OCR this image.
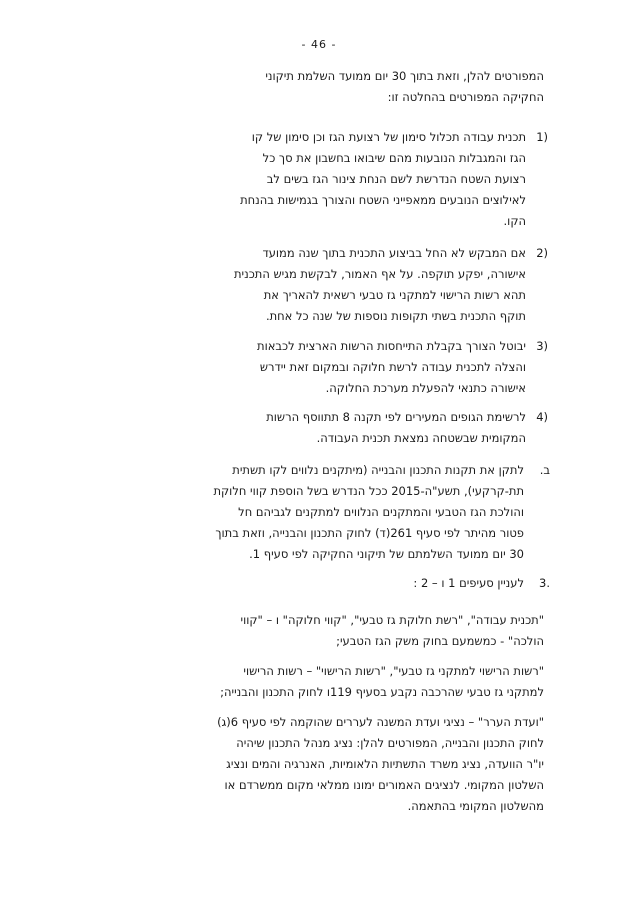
- 46 -
המפורטים להלן, וזאת בתוך 30 יום ממועד השלמת תיקוני
החקיקה המפורטים בהחלטה זו:
1)
תכנית עבודה תכלול סימון של רצועת הגז וכן סימון של קו
הגז והמגבלות הנובעות מהם שיבואו בחשבון את סך כל
רצועת השטח הנדרשת לשם הנחת צינור הגז בשים לב
לאילוצים הנובעים ממאפייני השטח והצורך בגמישות בהנחת
הקו.
2)
אם המבקש לא החל בביצוע התכנית בתוך שנה ממועד
אישורה, יפקע תוקפה. על אף האמור, לבקשת מגיש התכנית
תהא רשות הרישוי למתקני גז טבעי רשאית להאריך את
תוקף התכנית בשתי תקופות נוספות של שנה כל אחת.
3)
יבוטל הצורך בקבלת התייחסות הרשות הארצית לכבאות
והצלה לתכנית עבודה לרשת חלוקה ובמקום זאת יידרש
אישורה כתנאי להפעלת מערכת החלוקה.
4)
לרשימת הגופים המעירים לפי תקנה 8 תתווסף הרשות
המקומית שבשטחה נמצאת תכנית העבודה.
ב.
לתקן את תקנות התכנון והבנייה (מיתקנים נלווים לקו תשתית
תת-קרקעי), תשע"ה-2015 ככל הנדרש בשל הוספת קווי חלוקת
והולכת הגז הטבעי והמתקנים הנלווים למתקנים לגביהם חל
פטור מהיתר לפי סעיף 261(ד) לחוק התכנון והבנייה, וזאת בתוך
30 יום ממועד השלמתם של תיקוני החקיקה לפי סעיף 1.
3.
לעניין סעיפים 1 ו – 2 :
"תכנית עבודה", "רשת חלוקת גז טבעי", "קווי חלוקה" ו – "קווי
הולכה" - כמשמעם בחוק משק הגז הטבעי;
"רשות הרישוי למתקני גז טבעי", "רשות הרישוי" – רשות הרישוי
למתקני גז טבעי שהרכבה נקבע בסעיף 119ו לחוק התכנון והבנייה;
"ועדת הערר" – נציגי ועדת המשנה לעררים שהוקמה לפי סעיף 6(ג)
לחוק התכנון והבנייה, המפורטים להלן: נציג מנהל התכנון שיהיה
יו"ר הוועדה, נציג משרד התשתיות הלאומיות, האנרגיה והמים ונציג
השלטון המקומי. לנציגים האמורים ימונו ממלאי מקום ממשרדם או
מהשלטון המקומי בהתאמה.
